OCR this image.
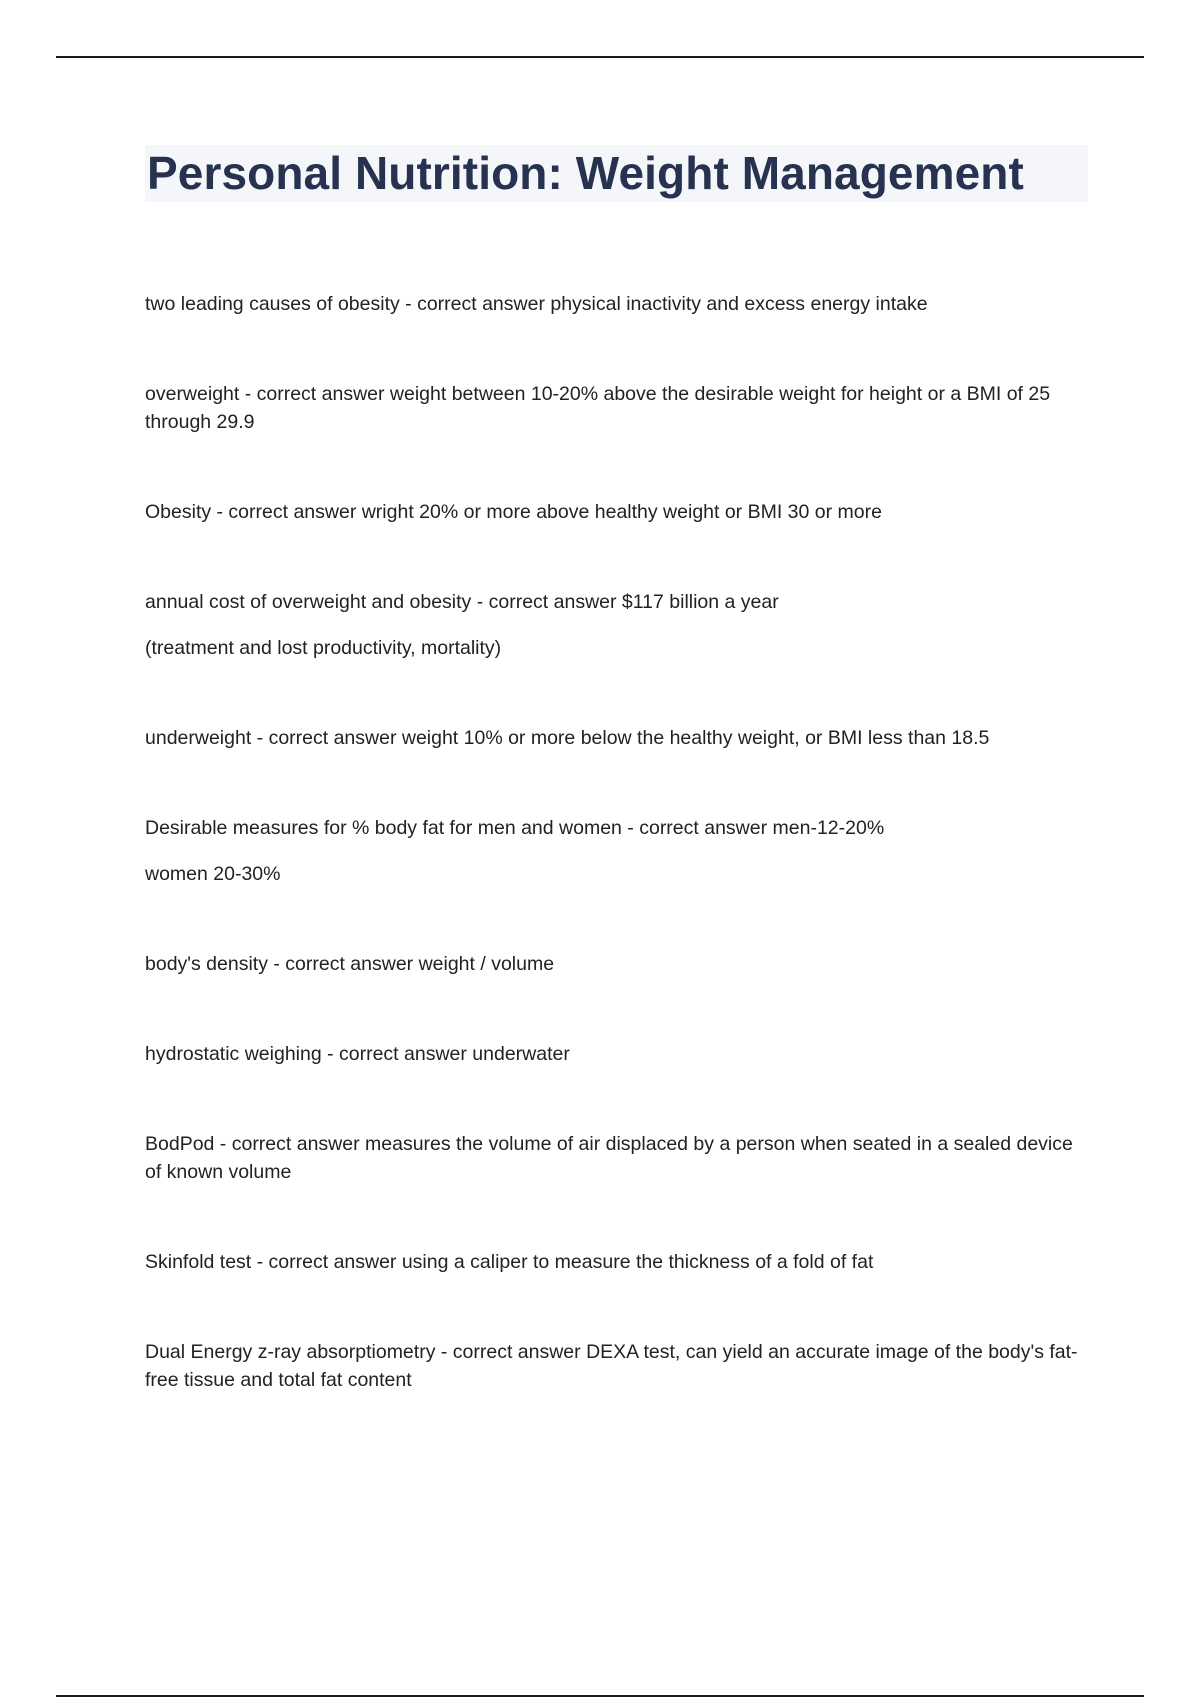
Personal Nutrition: Weight Management

two leading causes of obesity - correct answer physical inactivity and excess energy intake

overweight - correct answer weight between 10-20% above the desirable weight for height or a BMI of 25 through 29.9

Obesity - correct answer wright 20% or more above healthy weight or BMI 30 or more

annual cost of overweight and obesity - correct answer $117 billion a year

(treatment and lost productivity, mortality)

underweight - correct answer weight 10% or more below the healthy weight, or BMI less than 18.5

Desirable measures for % body fat for men and women - correct answer men-12-20%

women 20-30%

body's density - correct answer weight / volume

hydrostatic weighing - correct answer underwater

BodPod - correct answer measures the volume of air displaced by a person when seated in a sealed device of known volume

Skinfold test - correct answer using a caliper to measure the thickness of a fold of fat

Dual Energy z-ray absorptiometry - correct answer DEXA test, can yield an accurate image of the body's fat-free tissue and total fat content
